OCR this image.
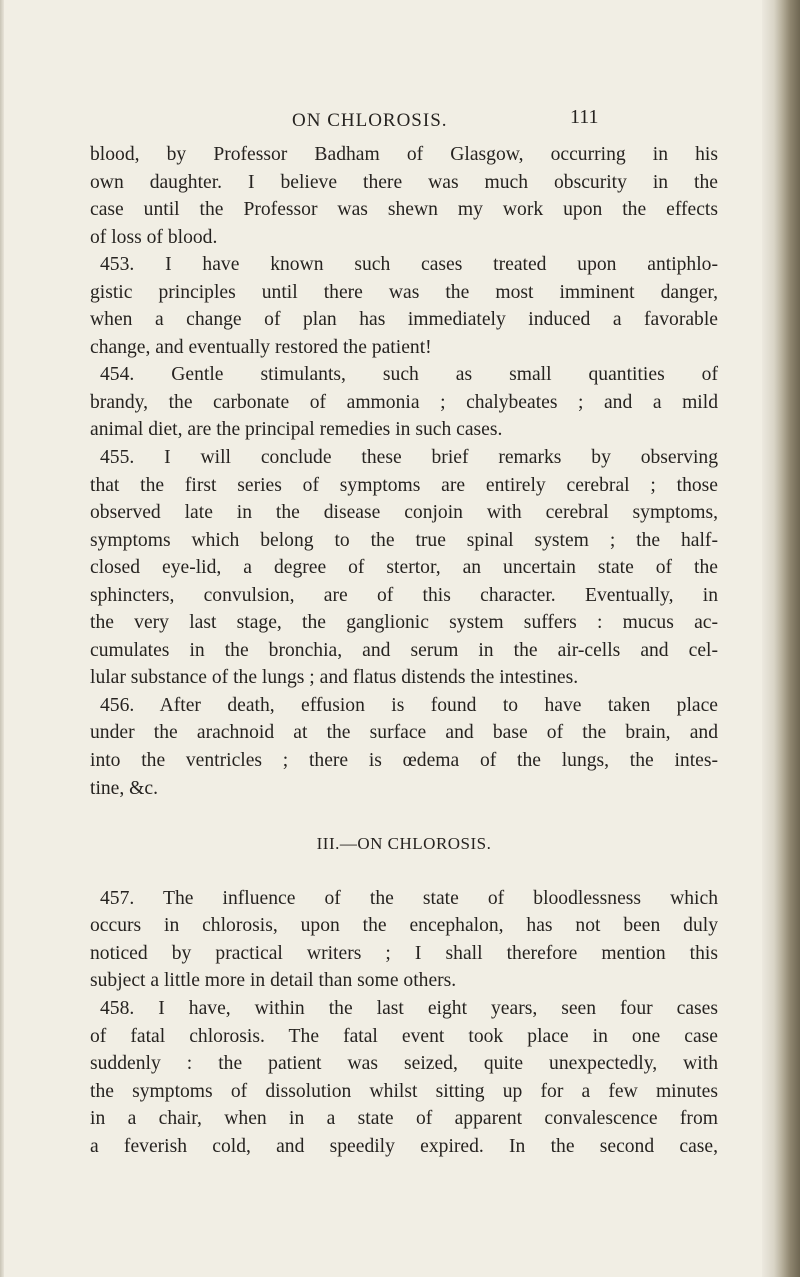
ON CHLOROSIS.	111
blood, by Professor Badham of Glasgow, occurring in his
own daughter. I believe there was much obscurity in the
case until the Professor was shewn my work upon the effects
of loss of blood.
453. I have known such cases treated upon antiphlo-
gistic principles until there was the most imminent danger,
when a change of plan has immediately induced a favorable
change, and eventually restored the patient!
454. Gentle stimulants, such as small quantities of
brandy, the carbonate of ammonia ; chalybeates ; and a mild
animal diet, are the principal remedies in such cases.
455. I will conclude these brief remarks by observing
that the first series of symptoms are entirely cerebral ; those
observed late in the disease conjoin with cerebral symptoms,
symptoms which belong to the true spinal system ; the half-
closed eye-lid, a degree of stertor, an uncertain state of the
sphincters, convulsion, are of this character. Eventually, in
the very last stage, the ganglionic system suffers : mucus ac-
cumulates in the bronchia, and serum in the air-cells and cel-
lular substance of the lungs ; and flatus distends the intestines.
456. After death, effusion is found to have taken place
under the arachnoid at the surface and base of the brain, and
into the ventricles ; there is œdema of the lungs, the intes-
tine, &c.
III.—ON CHLOROSIS.
457. The influence of the state of bloodlessness which
occurs in chlorosis, upon the encephalon, has not been duly
noticed by practical writers ; I shall therefore mention this
subject a little more in detail than some others.
458. I have, within the last eight years, seen four cases
of fatal chlorosis. The fatal event took place in one case
suddenly : the patient was seized, quite unexpectedly, with
the symptoms of dissolution whilst sitting up for a few minutes
in a chair, when in a state of apparent convalescence from
a feverish cold, and speedily expired. In the second case,
